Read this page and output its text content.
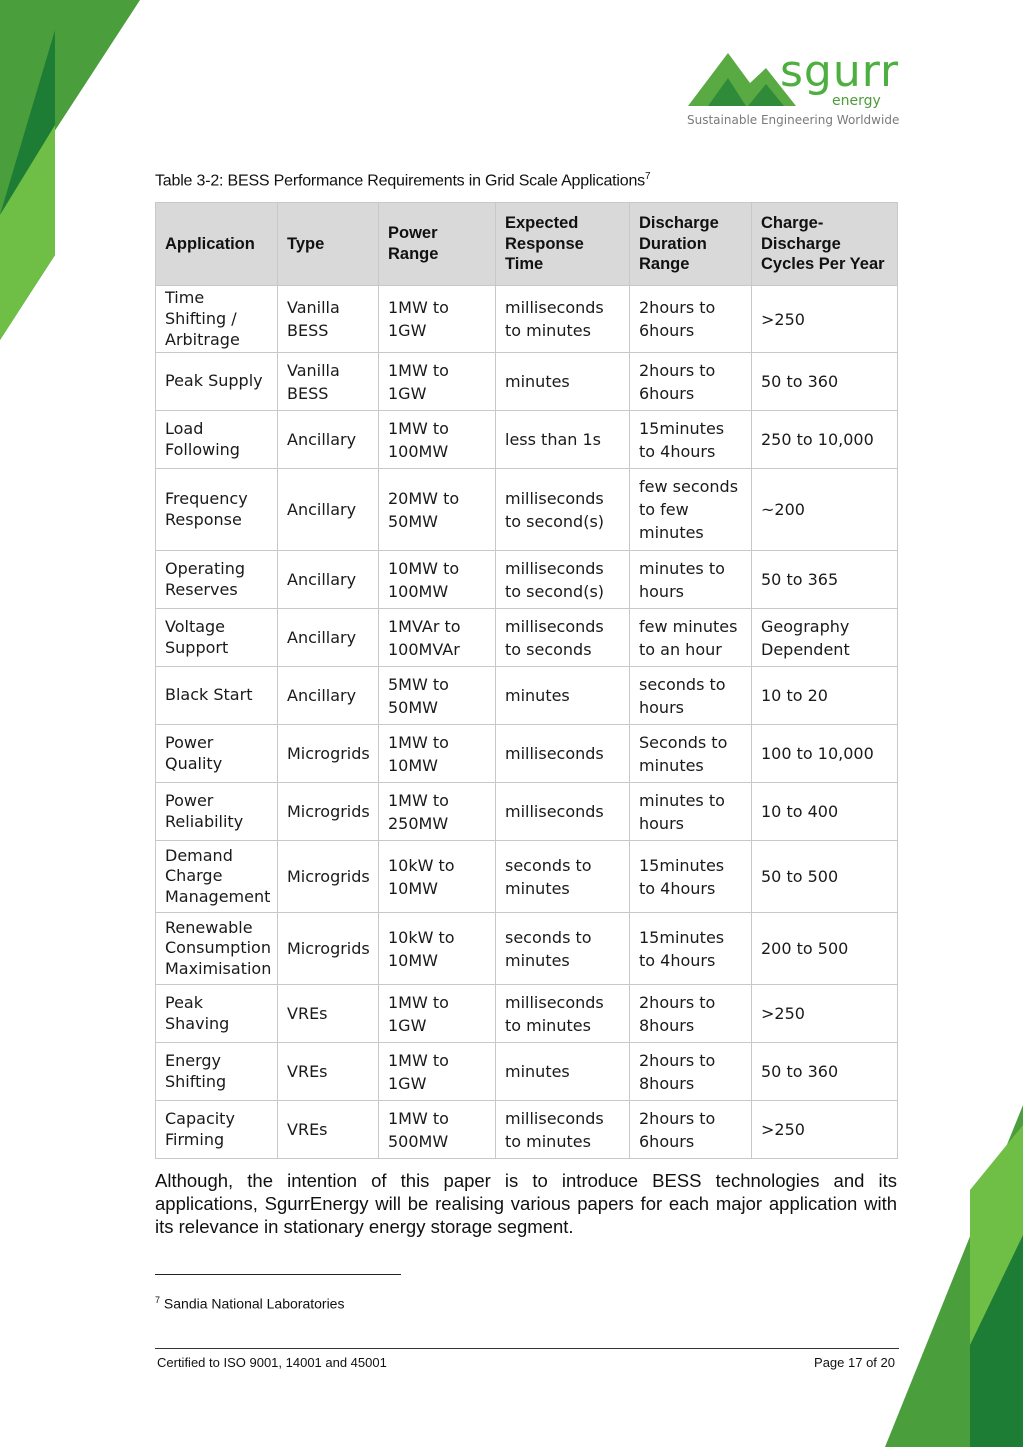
sgurr
energy
Sustainable Engineering Worldwide
Table 3-2: BESS Performance Requirements in Grid Scale Applications$^7$
Application	Type	Power Range	Expected Response Time	Discharge Duration Range	Charge-Discharge Cycles Per Year
Time Shifting / Arbitrage	Vanilla BESS	1MW to 1GW	milliseconds to minutes	2hours to 6hours	>250
Peak Supply	Vanilla BESS	1MW to 1GW	minutes	2hours to 6hours	50 to 360
Load Following	Ancillary	1MW to 100MW	less than 1s	15minutes to 4hours	250 to 10,000
Frequency Response	Ancillary	20MW to 50MW	milliseconds to second(s)	few seconds to few minutes	~200
Operating Reserves	Ancillary	10MW to 100MW	milliseconds to second(s)	minutes to hours	50 to 365
Voltage Support	Ancillary	1MVAr to 100MVAr	milliseconds to seconds	few minutes to an hour	Geography Dependent
Black Start	Ancillary	5MW to 50MW	minutes	seconds to hours	10 to 20
Power Quality	Microgrids	1MW to 10MW	milliseconds	Seconds to minutes	100 to 10,000
Power Reliability	Microgrids	1MW to 250MW	milliseconds	minutes to hours	10 to 400
Demand Charge Management	Microgrids	10kW to 10MW	seconds to minutes	15minutes to 4hours	50 to 500
Renewable Consumption Maximisation	Microgrids	10kW to 10MW	seconds to minutes	15minutes to 4hours	200 to 500
Peak Shaving	VREs	1MW to 1GW	milliseconds to minutes	2hours to 8hours	>250
Energy Shifting	VREs	1MW to 1GW	minutes	2hours to 8hours	50 to 360
Capacity Firming	VREs	1MW to 500MW	milliseconds to minutes	2hours to 6hours	>250
Although, the intention of this paper is to introduce BESS technologies and its applications, SgurrEnergy will be realising various papers for each major application with its relevance in stationary energy storage segment.
$^7$ Sandia National Laboratories
Certified to ISO 9001, 14001 and 45001	Page 17 of 20
